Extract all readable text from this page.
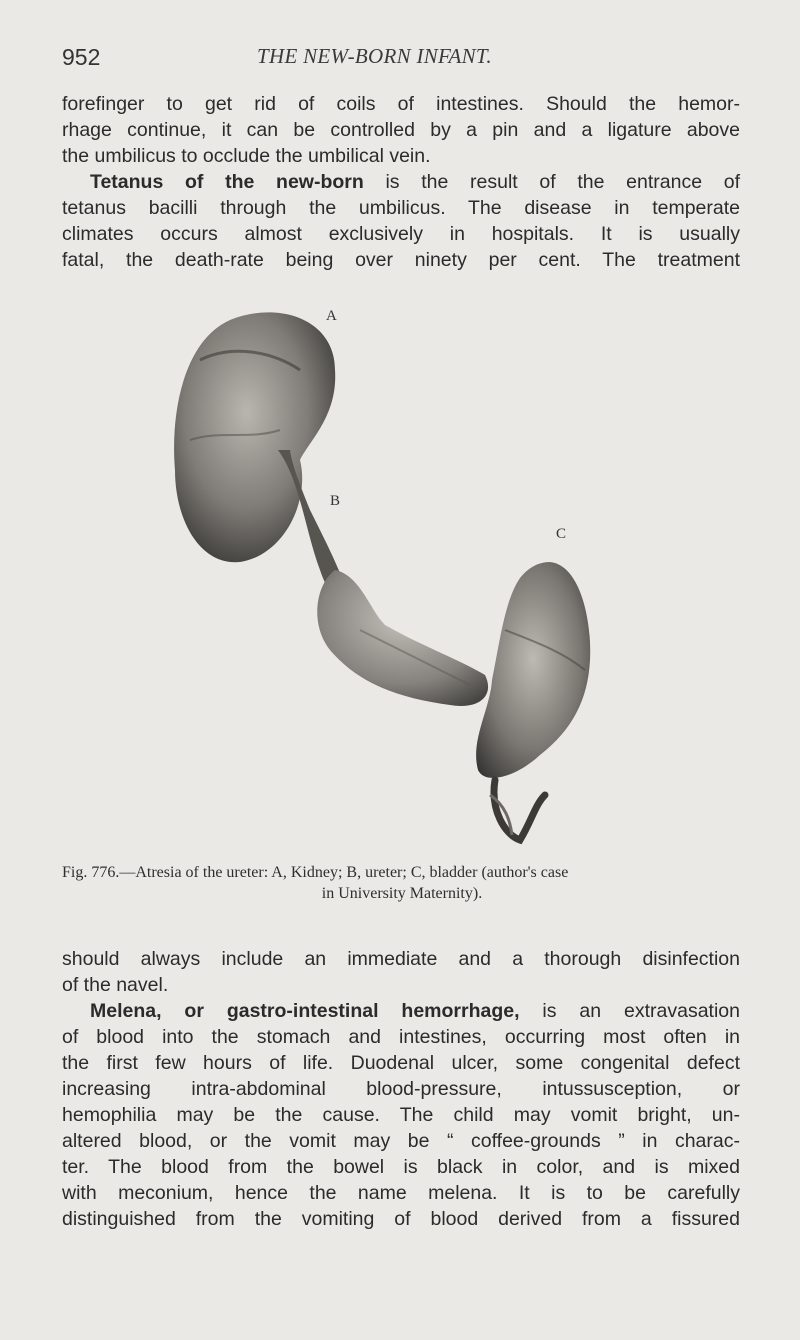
952	THE NEW-BORN INFANT.
forefinger to get rid of coils of intestines. Should the hemor-
rhage continue, it can be controlled by a pin and a ligature above
the umbilicus to occlude the umbilical vein.
Tetanus of the new-born is the result of the entrance of
tetanus bacilli through the umbilicus. The disease in temperate
climates occurs almost exclusively in hospitals. It is usually
fatal, the death-rate being over ninety per cent. The treatment
A
B
C
Fig. 776.—Atresia of the ureter: A, Kidney; B, ureter; C, bladder (author's case
in University Maternity).
should always include an immediate and a thorough disinfection
of the navel.
Melena, or gastro-intestinal hemorrhage, is an extravasation
of blood into the stomach and intestines, occurring most often in
the first few hours of life. Duodenal ulcer, some congenital defect
increasing intra-abdominal blood-pressure, intussusception, or
hemophilia may be the cause. The child may vomit bright, un-
altered blood, or the vomit may be “ coffee-grounds ” in charac-
ter. The blood from the bowel is black in color, and is mixed
with meconium, hence the name melena. It is to be carefully
distinguished from the vomiting of blood derived from a fissured
